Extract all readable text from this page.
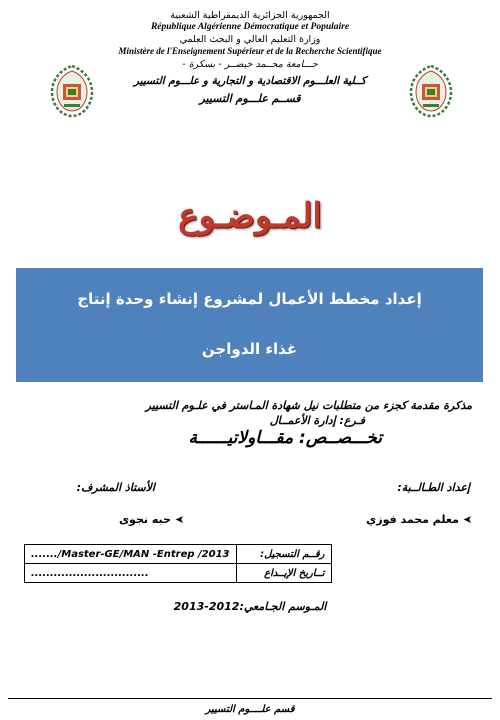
الجمهورية الجزائرية الديمقراطية الشعبية
République Algérienne Démocratique et Populaire
وزارة التعليم العالي و البحث العلمي
Ministère de l'Enseignement Supérieur et de la Recherche Scientifique
جـــامعة محــمد خيضــر - بسكرة -
كــلية العلـــوم الاقتصادية و التجارية و علـــوم التسيير
قســم علـــوم التسيير
المـوضـوع
إعداد مخطط الأعمال لمشروع إنشاء وحدة إنتاج
غذاء الدواجن
مذكرة مقدمة كجزء من متطلبات نيل شهادة المـاستر في علـوم التسيير
فـرع: إدارة الأعمــال
تخـــصــص: مقـــاولاتيــــــة
إعداد الطـالــبة:
الأستاذ المشرف:
➤ معلم محمد فوزي
➤ حبه نجوى
......./Master-GE/MAN -Entrep /2013	رقــم التسجيل:
...............................	تــاريخ الإيــداع
المـوسم الجـامعي:2012-2013
قسم علــــوم التسيير
